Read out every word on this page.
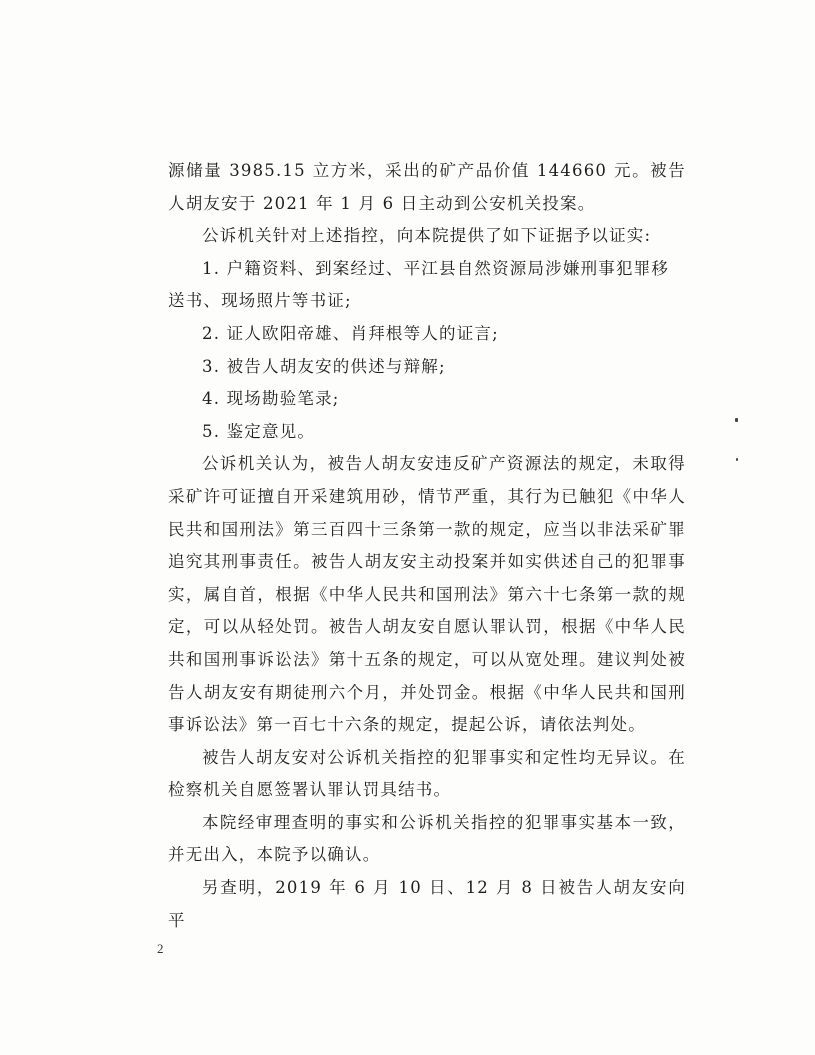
源储量 3985.15 立方米，采出的矿产品价值 144660 元。被告人胡友安于 2021 年 1 月 6 日主动到公安机关投案。

公诉机关针对上述指控，向本院提供了如下证据予以证实:

1. 户籍资料、到案经过、平江县自然资源局涉嫌刑事犯罪移送书、现场照片等书证;

2. 证人欧阳帝雄、肖拜根等人的证言;

3. 被告人胡友安的供述与辩解;

4. 现场勘验笔录;

5. 鉴定意见。

公诉机关认为，被告人胡友安违反矿产资源法的规定，未取得采矿许可证擅自开采建筑用砂，情节严重，其行为已触犯《中华人民共和国刑法》第三百四十三条第一款的规定，应当以非法采矿罪追究其刑事责任。被告人胡友安主动投案并如实供述自己的犯罪事实，属自首，根据《中华人民共和国刑法》第六十七条第一款的规定，可以从轻处罚。被告人胡友安自愿认罪认罚，根据《中华人民共和国刑事诉讼法》第十五条的规定，可以从宽处理。建议判处被告人胡友安有期徒刑六个月，并处罚金。根据《中华人民共和国刑事诉讼法》第一百七十六条的规定，提起公诉，请依法判处。

被告人胡友安对公诉机关指控的犯罪事实和定性均无异议。在检察机关自愿签署认罪认罚具结书。

本院经审理查明的事实和公诉机关指控的犯罪事实基本一致，并无出入，本院予以确认。

另查明，2019 年 6 月 10 日、12 月 8 日被告人胡友安向平

2
